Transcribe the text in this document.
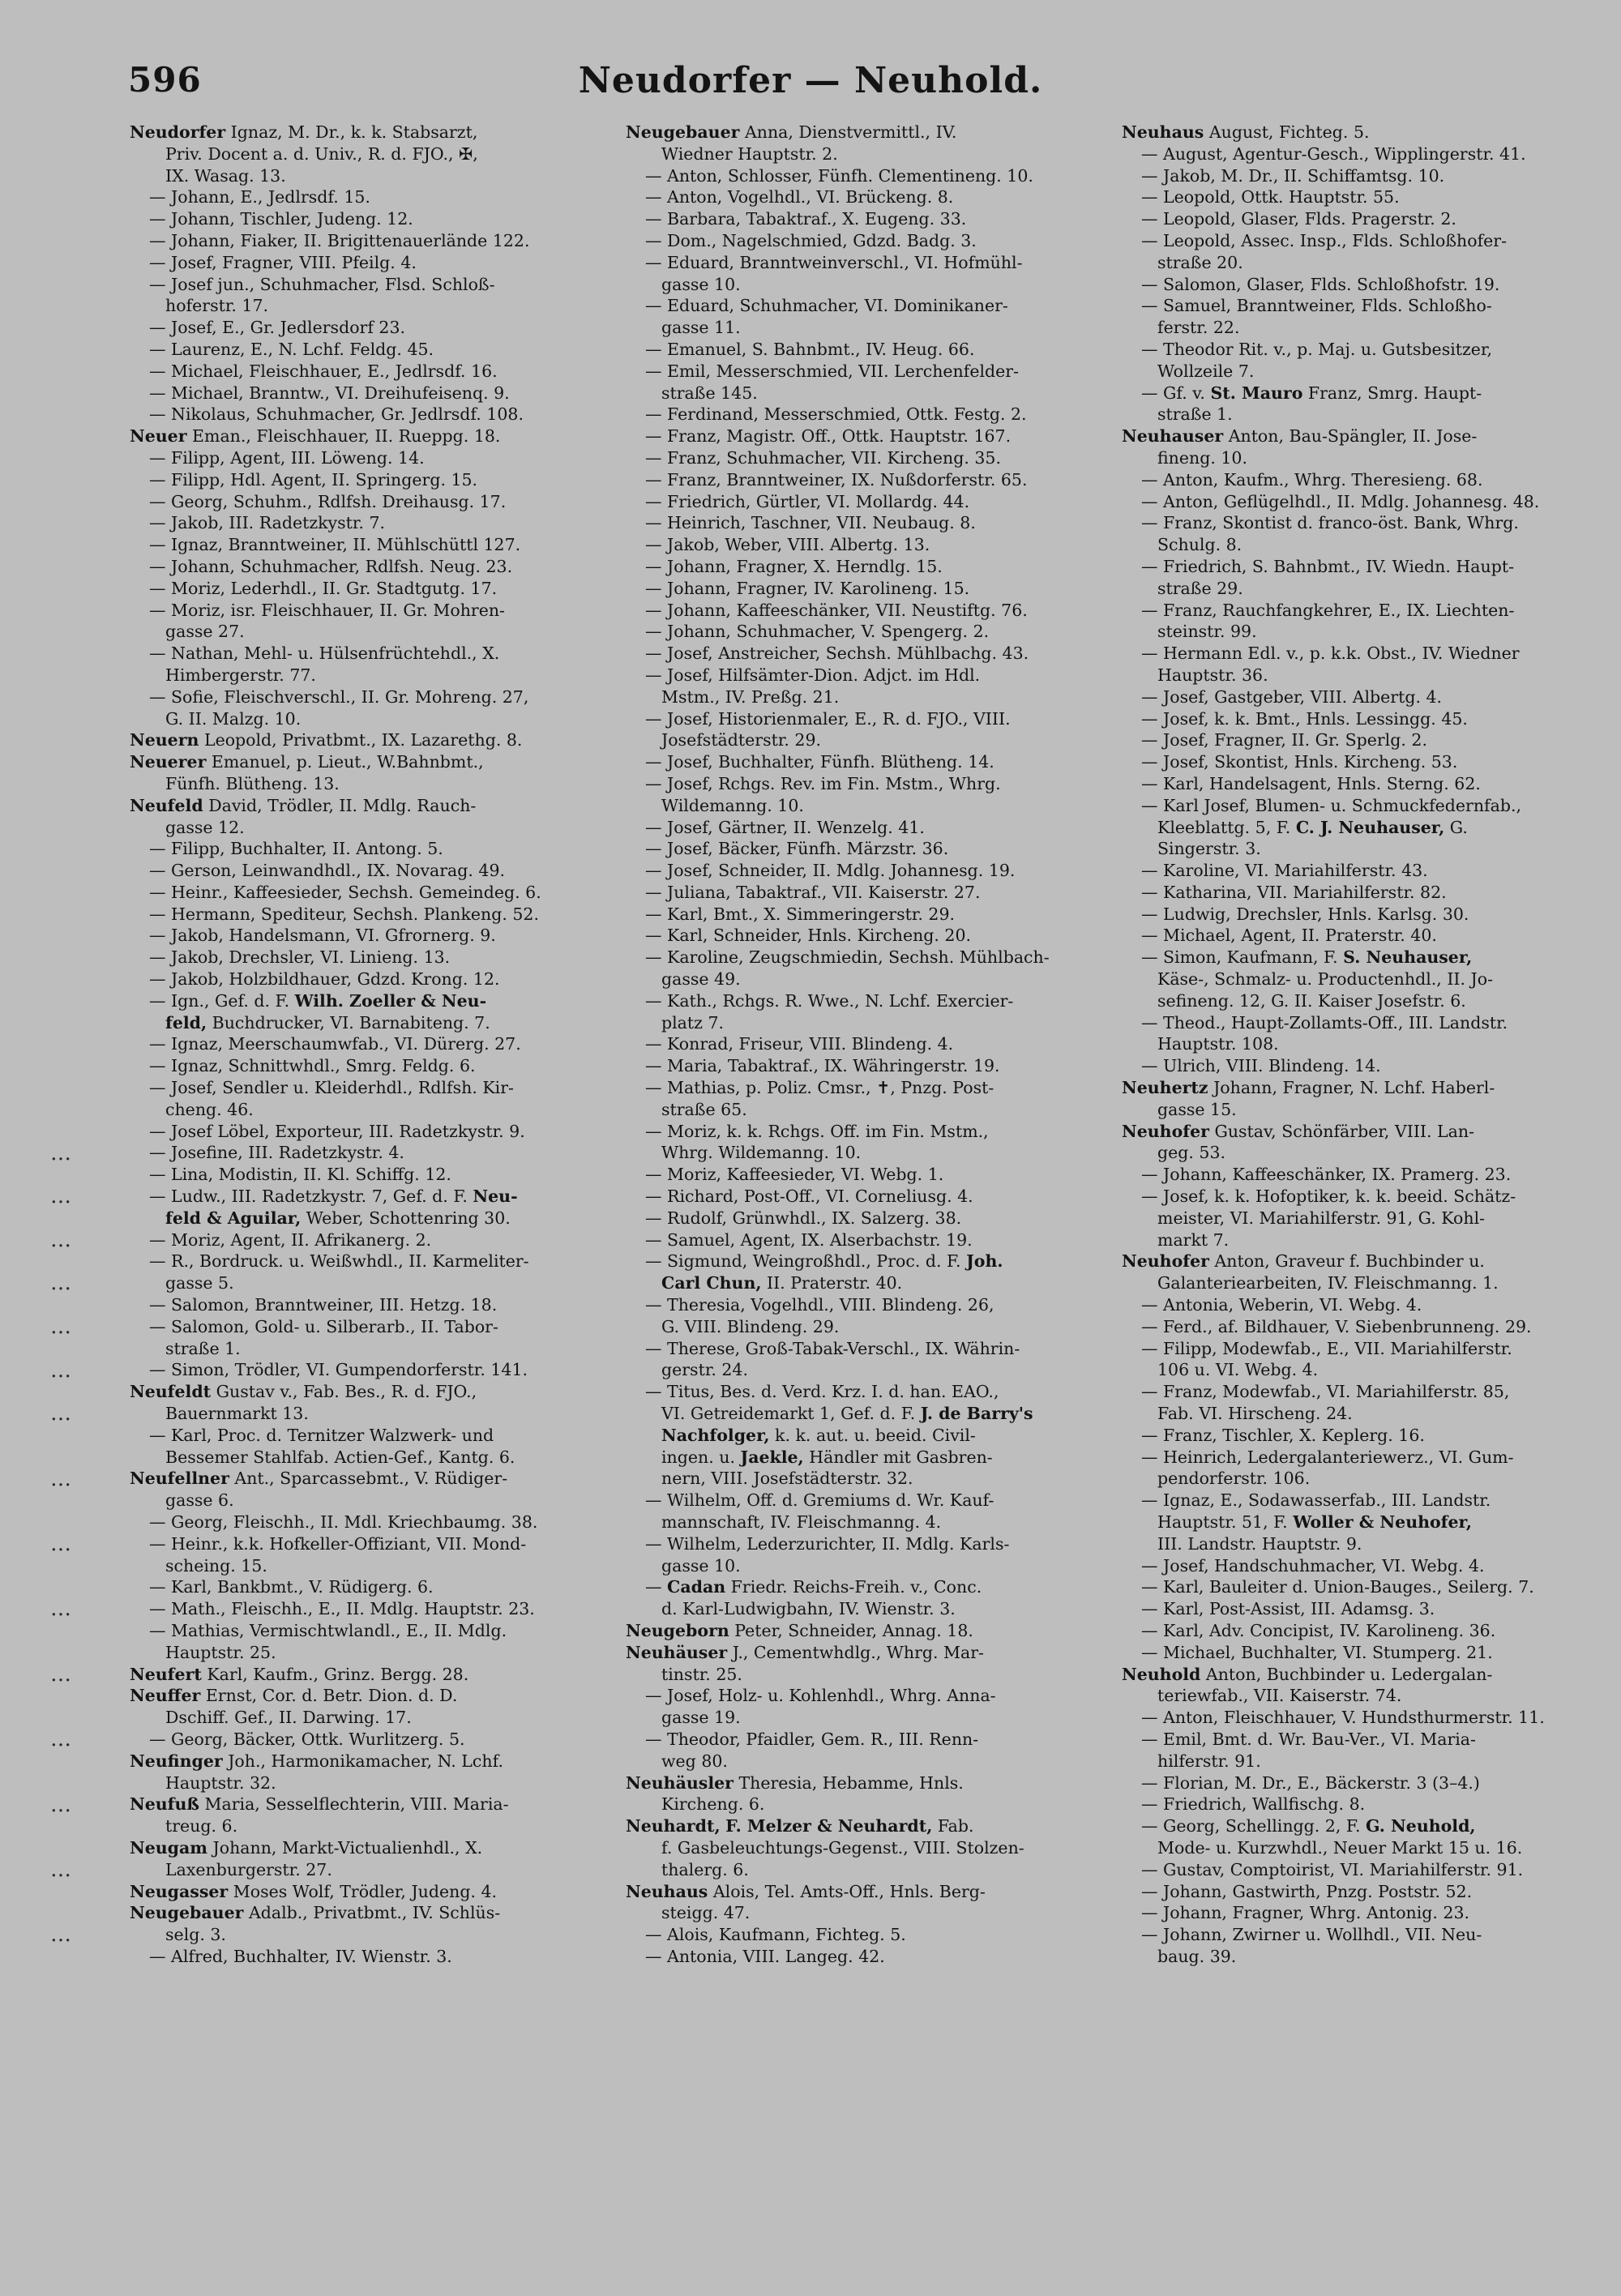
596	Neudorfer — Neuhold.
…
…
…
…
…
…
…
…
…
…
…
…
…
…
…
Neudorfer Ignaz, M. Dr., k. k. Stabsarzt,
Priv. Docent a. d. Univ., R. d. FJO., ✠,
IX. Wasag. 13.
— Johann, E., Jedlrsdf. 15.
— Johann, Tischler, Judeng. 12.
— Johann, Fiaker, II. Brigittenauerlände 122.
— Josef, Fragner, VIII. Pfeilg. 4.
— Josef jun., Schuhmacher, Flsd. Schloß-
hoferstr. 17.
— Josef, E., Gr. Jedlersdorf 23.
— Laurenz, E., N. Lchf. Feldg. 45.
— Michael, Fleischhauer, E., Jedlrsdf. 16.
— Michael, Branntw., VI. Dreihufeisenq. 9.
— Nikolaus, Schuhmacher, Gr. Jedlrsdf. 108.
Neuer Eman., Fleischhauer, II. Rueppg. 18.
— Filipp, Agent, III. Löweng. 14.
— Filipp, Hdl. Agent, II. Springerg. 15.
— Georg, Schuhm., Rdlfsh. Dreihausg. 17.
— Jakob, III. Radetzkystr. 7.
— Ignaz, Branntweiner, II. Mühlschüttl 127.
— Johann, Schuhmacher, Rdlfsh. Neug. 23.
— Moriz, Lederhdl., II. Gr. Stadtgutg. 17.
— Moriz, isr. Fleischhauer, II. Gr. Mohren-
gasse 27.
— Nathan, Mehl- u. Hülsenfrüchtehdl., X.
Himbergerstr. 77.
— Sofie, Fleischverschl., II. Gr. Mohreng. 27,
G. II. Malzg. 10.
Neuern Leopold, Privatbmt., IX. Lazarethg. 8.
Neuerer Emanuel, p. Lieut., W.Bahnbmt.,
Fünfh. Blütheng. 13.
Neufeld David, Trödler, II. Mdlg. Rauch-
gasse 12.
— Filipp, Buchhalter, II. Antong. 5.
— Gerson, Leinwandhdl., IX. Novarag. 49.
— Heinr., Kaffeesieder, Sechsh. Gemeindeg. 6.
— Hermann, Spediteur, Sechsh. Plankeng. 52.
— Jakob, Handelsmann, VI. Gfrornerg. 9.
— Jakob, Drechsler, VI. Linieng. 13.
— Jakob, Holzbildhauer, Gdzd. Krong. 12.
— Ign., Gef. d. F. Wilh. Zoeller & Neu-
feld, Buchdrucker, VI. Barnabiteng. 7.
— Ignaz, Meerschaumwfab., VI. Dürerg. 27.
— Ignaz, Schnittwhdl., Smrg. Feldg. 6.
— Josef, Sendler u. Kleiderhdl., Rdlfsh. Kir-
cheng. 46.
— Josef Löbel, Exporteur, III. Radetzkystr. 9.
— Josefine, III. Radetzkystr. 4.
— Lina, Modistin, II. Kl. Schiffg. 12.
— Ludw., III. Radetzkystr. 7, Gef. d. F. Neu-
feld & Aguilar, Weber, Schottenring 30.
— Moriz, Agent, II. Afrikanerg. 2.
— R., Bordruck. u. Weißwhdl., II. Karmeliter-
gasse 5.
— Salomon, Branntweiner, III. Hetzg. 18.
— Salomon, Gold- u. Silberarb., II. Tabor-
straße 1.
— Simon, Trödler, VI. Gumpendorferstr. 141.
Neufeldt Gustav v., Fab. Bes., R. d. FJO.,
Bauernmarkt 13.
— Karl, Proc. d. Ternitzer Walzwerk- und
Bessemer Stahlfab. Actien-Gef., Kantg. 6.
Neufellner Ant., Sparcassebmt., V. Rüdiger-
gasse 6.
— Georg, Fleischh., II. Mdl. Kriechbaumg. 38.
— Heinr., k.k. Hofkeller-Offiziant, VII. Mond-
scheing. 15.
— Karl, Bankbmt., V. Rüdigerg. 6.
— Math., Fleischh., E., II. Mdlg. Hauptstr. 23.
— Mathias, Vermischtwlandl., E., II. Mdlg.
Hauptstr. 25.
Neufert Karl, Kaufm., Grinz. Bergg. 28.
Neuffer Ernst, Cor. d. Betr. Dion. d. D.
Dschiff. Gef., II. Darwing. 17.
— Georg, Bäcker, Ottk. Wurlitzerg. 5.
Neufinger Joh., Harmonikamacher, N. Lchf.
Hauptstr. 32.
Neufuß Maria, Sesselflechterin, VIII. Maria-
treug. 6.
Neugam Johann, Markt-Victualienhdl., X.
Laxenburgerstr. 27.
Neugasser Moses Wolf, Trödler, Judeng. 4.
Neugebauer Adalb., Privatbmt., IV. Schlüs-
selg. 3.
— Alfred, Buchhalter, IV. Wienstr. 3.
Neugebauer Anna, Dienstvermittl., IV.
Wiedner Hauptstr. 2.
— Anton, Schlosser, Fünfh. Clementineng. 10.
— Anton, Vogelhdl., VI. Brückeng. 8.
— Barbara, Tabaktraf., X. Eugeng. 33.
— Dom., Nagelschmied, Gdzd. Badg. 3.
— Eduard, Branntweinverschl., VI. Hofmühl-
gasse 10.
— Eduard, Schuhmacher, VI. Dominikaner-
gasse 11.
— Emanuel, S. Bahnbmt., IV. Heug. 66.
— Emil, Messerschmied, VII. Lerchenfelder-
straße 145.
— Ferdinand, Messerschmied, Ottk. Festg. 2.
— Franz, Magistr. Off., Ottk. Hauptstr. 167.
— Franz, Schuhmacher, VII. Kircheng. 35.
— Franz, Branntweiner, IX. Nußdorferstr. 65.
— Friedrich, Gürtler, VI. Mollardg. 44.
— Heinrich, Taschner, VII. Neubaug. 8.
— Jakob, Weber, VIII. Albertg. 13.
— Johann, Fragner, X. Herndlg. 15.
— Johann, Fragner, IV. Karolineng. 15.
— Johann, Kaffeeschänker, VII. Neustiftg. 76.
— Johann, Schuhmacher, V. Spengerg. 2.
— Josef, Anstreicher, Sechsh. Mühlbachg. 43.
— Josef, Hilfsämter-Dion. Adjct. im Hdl.
Mstm., IV. Preßg. 21.
— Josef, Historienmaler, E., R. d. FJO., VIII.
Josefstädterstr. 29.
— Josef, Buchhalter, Fünfh. Blütheng. 14.
— Josef, Rchgs. Rev. im Fin. Mstm., Whrg.
Wildemanng. 10.
— Josef, Gärtner, II. Wenzelg. 41.
— Josef, Bäcker, Fünfh. Märzstr. 36.
— Josef, Schneider, II. Mdlg. Johannesg. 19.
— Juliana, Tabaktraf., VII. Kaiserstr. 27.
— Karl, Bmt., X. Simmeringerstr. 29.
— Karl, Schneider, Hnls. Kircheng. 20.
— Karoline, Zeugschmiedin, Sechsh. Mühlbach-
gasse 49.
— Kath., Rchgs. R. Wwe., N. Lchf. Exercier-
platz 7.
— Konrad, Friseur, VIII. Blindeng. 4.
— Maria, Tabaktraf., IX. Währingerstr. 19.
— Mathias, p. Poliz. Cmsr., ✝, Pnzg. Post-
straße 65.
— Moriz, k. k. Rchgs. Off. im Fin. Mstm.,
Whrg. Wildemanng. 10.
— Moriz, Kaffeesieder, VI. Webg. 1.
— Richard, Post-Off., VI. Corneliusg. 4.
— Rudolf, Grünwhdl., IX. Salzerg. 38.
— Samuel, Agent, IX. Alserbachstr. 19.
— Sigmund, Weingroßhdl., Proc. d. F. Joh.
Carl Chun, II. Praterstr. 40.
— Theresia, Vogelhdl., VIII. Blindeng. 26,
G. VIII. Blindeng. 29.
— Therese, Groß-Tabak-Verschl., IX. Währin-
gerstr. 24.
— Titus, Bes. d. Verd. Krz. I. d. han. EAO.,
VI. Getreidemarkt 1, Gef. d. F. J. de Barry's
Nachfolger, k. k. aut. u. beeid. Civil-
ingen. u. Jaekle, Händler mit Gasbren-
nern, VIII. Josefstädterstr. 32.
— Wilhelm, Off. d. Gremiums d. Wr. Kauf-
mannschaft, IV. Fleischmanng. 4.
— Wilhelm, Lederzurichter, II. Mdlg. Karls-
gasse 10.
— Cadan Friedr. Reichs-Freih. v., Conc.
d. Karl-Ludwigbahn, IV. Wienstr. 3.
Neugeborn Peter, Schneider, Annag. 18.
Neuhäuser J., Cementwhdlg., Whrg. Mar-
tinstr. 25.
— Josef, Holz- u. Kohlenhdl., Whrg. Anna-
gasse 19.
— Theodor, Pfaidler, Gem. R., III. Renn-
weg 80.
Neuhäusler Theresia, Hebamme, Hnls.
Kircheng. 6.
Neuhardt, F. Melzer & Neuhardt, Fab.
f. Gasbeleuchtungs-Gegenst., VIII. Stolzen-
thalerg. 6.
Neuhaus Alois, Tel. Amts-Off., Hnls. Berg-
steigg. 47.
— Alois, Kaufmann, Fichteg. 5.
— Antonia, VIII. Langeg. 42.
Neuhaus August, Fichteg. 5.
— August, Agentur-Gesch., Wipplingerstr. 41.
— Jakob, M. Dr., II. Schiffamtsg. 10.
— Leopold, Ottk. Hauptstr. 55.
— Leopold, Glaser, Flds. Pragerstr. 2.
— Leopold, Assec. Insp., Flds. Schloßhofer-
straße 20.
— Salomon, Glaser, Flds. Schloßhofstr. 19.
— Samuel, Branntweiner, Flds. Schloßho-
ferstr. 22.
— Theodor Rit. v., p. Maj. u. Gutsbesitzer,
Wollzeile 7.
— Gf. v. St. Mauro Franz, Smrg. Haupt-
straße 1.
Neuhauser Anton, Bau-Spängler, II. Jose-
fineng. 10.
— Anton, Kaufm., Whrg. Theresieng. 68.
— Anton, Geflügelhdl., II. Mdlg. Johannesg. 48.
— Franz, Skontist d. franco-öst. Bank, Whrg.
Schulg. 8.
— Friedrich, S. Bahnbmt., IV. Wiedn. Haupt-
straße 29.
— Franz, Rauchfangkehrer, E., IX. Liechten-
steinstr. 99.
— Hermann Edl. v., p. k.k. Obst., IV. Wiedner
Hauptstr. 36.
— Josef, Gastgeber, VIII. Albertg. 4.
— Josef, k. k. Bmt., Hnls. Lessingg. 45.
— Josef, Fragner, II. Gr. Sperlg. 2.
— Josef, Skontist, Hnls. Kircheng. 53.
— Karl, Handelsagent, Hnls. Sterng. 62.
— Karl Josef, Blumen- u. Schmuckfedernfab.,
Kleeblattg. 5, F. C. J. Neuhauser, G.
Singerstr. 3.
— Karoline, VI. Mariahilferstr. 43.
— Katharina, VII. Mariahilferstr. 82.
— Ludwig, Drechsler, Hnls. Karlsg. 30.
— Michael, Agent, II. Praterstr. 40.
— Simon, Kaufmann, F. S. Neuhauser,
Käse-, Schmalz- u. Productenhdl., II. Jo-
sefineng. 12, G. II. Kaiser Josefstr. 6.
— Theod., Haupt-Zollamts-Off., III. Landstr.
Hauptstr. 108.
— Ulrich, VIII. Blindeng. 14.
Neuhertz Johann, Fragner, N. Lchf. Haberl-
gasse 15.
Neuhofer Gustav, Schönfärber, VIII. Lan-
geg. 53.
— Johann, Kaffeeschänker, IX. Pramerg. 23.
— Josef, k. k. Hofoptiker, k. k. beeid. Schätz-
meister, VI. Mariahilferstr. 91, G. Kohl-
markt 7.
Neuhofer Anton, Graveur f. Buchbinder u.
Galanteriearbeiten, IV. Fleischmanng. 1.
— Antonia, Weberin, VI. Webg. 4.
— Ferd., af. Bildhauer, V. Siebenbrunneng. 29.
— Filipp, Modewfab., E., VII. Mariahilferstr.
106 u. VI. Webg. 4.
— Franz, Modewfab., VI. Mariahilferstr. 85,
Fab. VI. Hirscheng. 24.
— Franz, Tischler, X. Keplerg. 16.
— Heinrich, Ledergalanteriewerz., VI. Gum-
pendorferstr. 106.
— Ignaz, E., Sodawasserfab., III. Landstr.
Hauptstr. 51, F. Woller & Neuhofer,
III. Landstr. Hauptstr. 9.
— Josef, Handschuhmacher, VI. Webg. 4.
— Karl, Bauleiter d. Union-Bauges., Seilerg. 7.
— Karl, Post-Assist, III. Adamsg. 3.
— Karl, Adv. Concipist, IV. Karolineng. 36.
— Michael, Buchhalter, VI. Stumperg. 21.
Neuhold Anton, Buchbinder u. Ledergalan-
teriewfab., VII. Kaiserstr. 74.
— Anton, Fleischhauer, V. Hundsthurmerstr. 11.
— Emil, Bmt. d. Wr. Bau-Ver., VI. Maria-
hilferstr. 91.
— Florian, M. Dr., E., Bäckerstr. 3 (3–4.)
— Friedrich, Wallfischg. 8.
— Georg, Schellingg. 2, F. G. Neuhold,
Mode- u. Kurzwhdl., Neuer Markt 15 u. 16.
— Gustav, Comptoirist, VI. Mariahilferstr. 91.
— Johann, Gastwirth, Pnzg. Poststr. 52.
— Johann, Fragner, Whrg. Antonig. 23.
— Johann, Zwirner u. Wollhdl., VII. Neu-
baug. 39.
